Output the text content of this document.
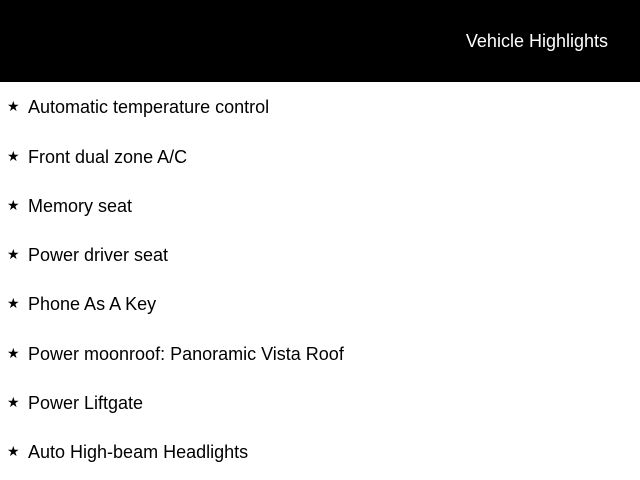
Vehicle Highlights
★ Automatic temperature control
★ Front dual zone A/C
★ Memory seat
★ Power driver seat
★ Phone As A Key
★ Power moonroof: Panoramic Vista Roof
★ Power Liftgate
★ Auto High-beam Headlights
